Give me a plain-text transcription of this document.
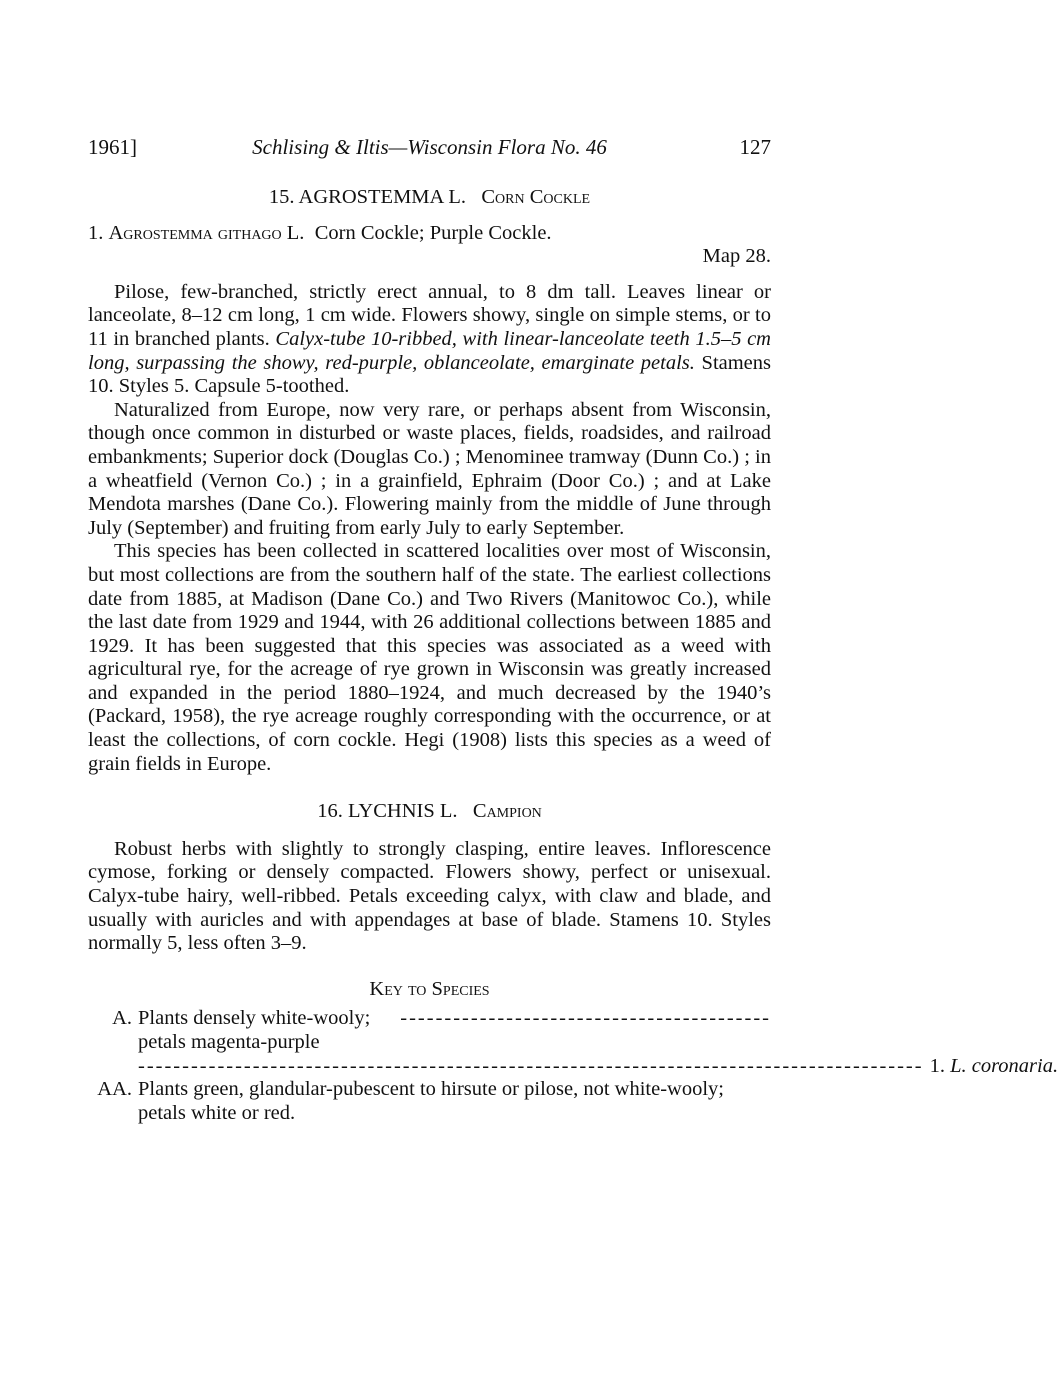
1961]	Schlising & Iltis—Wisconsin Flora No. 46	127

15. AGROSTEMMA L. Corn Cockle

1. Agrostemma githago L. Corn Cockle; Purple Cockle.

Map 28.

Pilose, few-branched, strictly erect annual, to 8 dm tall. Leaves linear or lanceolate, 8–12 cm long, 1 cm wide. Flowers showy, single on simple stems, or to 11 in branched plants. Calyx-tube 10-ribbed, with linear-lanceolate teeth 1.5–5 cm long, surpassing the showy, red-purple, oblanceolate, emarginate petals. Stamens 10. Styles 5. Capsule 5-toothed.

Naturalized from Europe, now very rare, or perhaps absent from Wisconsin, though once common in disturbed or waste places, fields, roadsides, and railroad embankments; Superior dock (Douglas Co.) ; Menominee tramway (Dunn Co.) ; in a wheatfield (Vernon Co.) ; in a grainfield, Ephraim (Door Co.) ; and at Lake Mendota marshes (Dane Co.). Flowering mainly from the middle of June through July (September) and fruiting from early July to early September.

This species has been collected in scattered localities over most of Wisconsin, but most collections are from the southern half of the state. The earliest collections date from 1885, at Madison (Dane Co.) and Two Rivers (Manitowoc Co.), while the last date from 1929 and 1944, with 26 additional collections between 1885 and 1929. It has been suggested that this species was associated as a weed with agricultural rye, for the acreage of rye grown in Wisconsin was greatly increased and expanded in the period 1880–1924, and much decreased by the 1940’s (Packard, 1958), the rye acreage roughly corresponding with the occurrence, or at least the collections, of corn cockle. Hegi (1908) lists this species as a weed of grain fields in Europe.

16. LYCHNIS L. Campion

Robust herbs with slightly to strongly clasping, entire leaves. Inflorescence cymose, forking or densely compacted. Flowers showy, perfect or unisexual. Calyx-tube hairy, well-ribbed. Petals exceeding calyx, with claw and blade, and usually with auricles and with appendages at base of blade. Stamens 10. Styles normally 5, less often 3–9.

Key to Species

A. Plants densely white-wooly; petals magenta-purple
------------------------------------------
----------------------------------------------------------------------------------------- 1. L. coronaria.
AA. Plants green, glandular-pubescent to hirsute or pilose, not white-wooly; petals white or red.
